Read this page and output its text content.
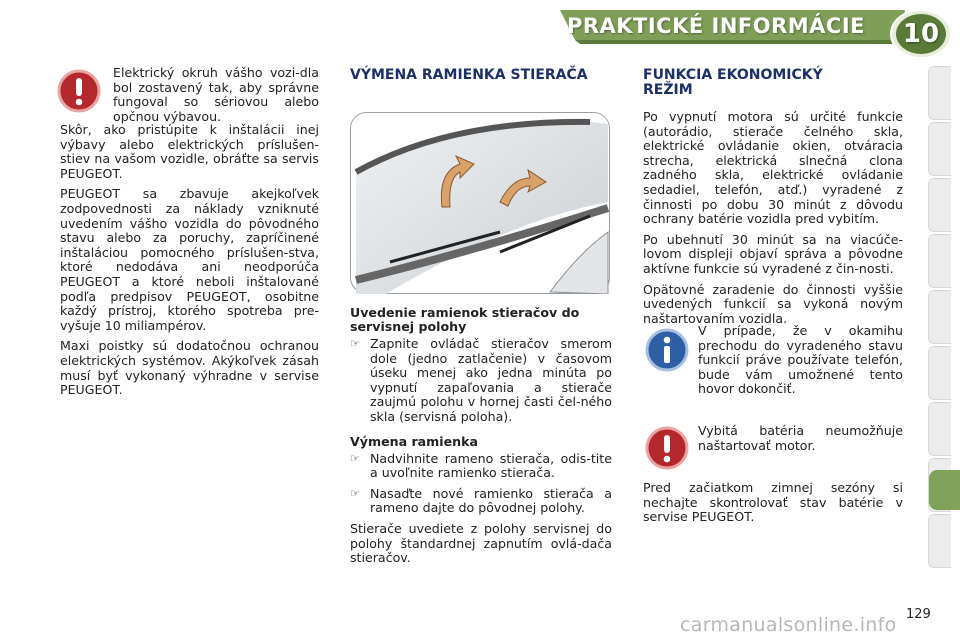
PRAKTICKÉ INFORMÁCIE	10
Elektrický okruh vášho vozi-dla bol zostavený tak, aby správne fungoval so sériovou alebo opčnou výbavou.

Skôr, ako pristúpite k inštalácii inej výbavy alebo elektrických príslušen-stiev na vašom vozidle, obráťte sa servis PEUGEOT.

PEUGEOT sa zbavuje akejkoľvek zodpovednosti za náklady vzniknuté uvedením vášho vozidla do pôvodného stavu alebo za poruchy, zapríčinené inštaláciou pomocného príslušen-stva, ktoré nedodáva ani neodporúča PEUGEOT a ktoré neboli inštalované podľa predpisov PEUGEOT, osobitne každý prístroj, ktorého spotreba pre-vyšuje 10 miliampérov.

Maxi poistky sú dodatočnou ochranou elektrických systémov. Akýkoľvek zásah musí byť vykonaný výhradne v servise PEUGEOT.

VÝMENA RAMIENKA STIERAČA
Uvedenie ramienok stieračov do servisnej polohy
☞ Zapnite ovládač stieračov smerom dole (jedno zatlačenie) v časovom úseku menej ako jedna minúta po vypnutí zapaľovania a stierače zaujmú polohu v hornej časti čel-ného skla (servisná poloha).
Výmena ramienka
☞ Nadvihnite rameno stierača, odis-tite a uvoľnite ramienko stierača.
☞ Nasaďte nové ramienko stierača a rameno dajte do pôvodnej polohy.

Stierače uvediete z polohy servisnej do polohy štandardnej zapnutím ovlá-dača stieračov.

FUNKCIA EKONOMICKÝ REŽIM

Po vypnutí motora sú určité funkcie (autorádio, stierače čelného skla, elektrické ovládanie okien, otváracia strecha, elektrická slnečná clona zadného skla, elektrické ovládanie sedadiel, telefón, atď.) vyradené z činnosti po dobu 30 minút z dôvodu ochrany batérie vozidla pred vybitím.

Po ubehnutí 30 minút sa na viacúče-lovom displeji objaví správa a pôvodne aktívne funkcie sú vyradené z čin-nosti.

Opätovné zaradenie do činnosti vyššie uvedených funkcií sa vykoná novým naštartovaním vozidla.

V prípade, že v okamihu prechodu do vyradeného stavu funkcií práve používate telefón, bude vám umožnené tento hovor dokončiť.
Vybitá batéria neumožňuje naštartovať motor.
Pred začiatkom zimnej sezóny si nechajte skontrolovať stav batérie v servise PEUGEOT.
129
carmanualsonline.info
